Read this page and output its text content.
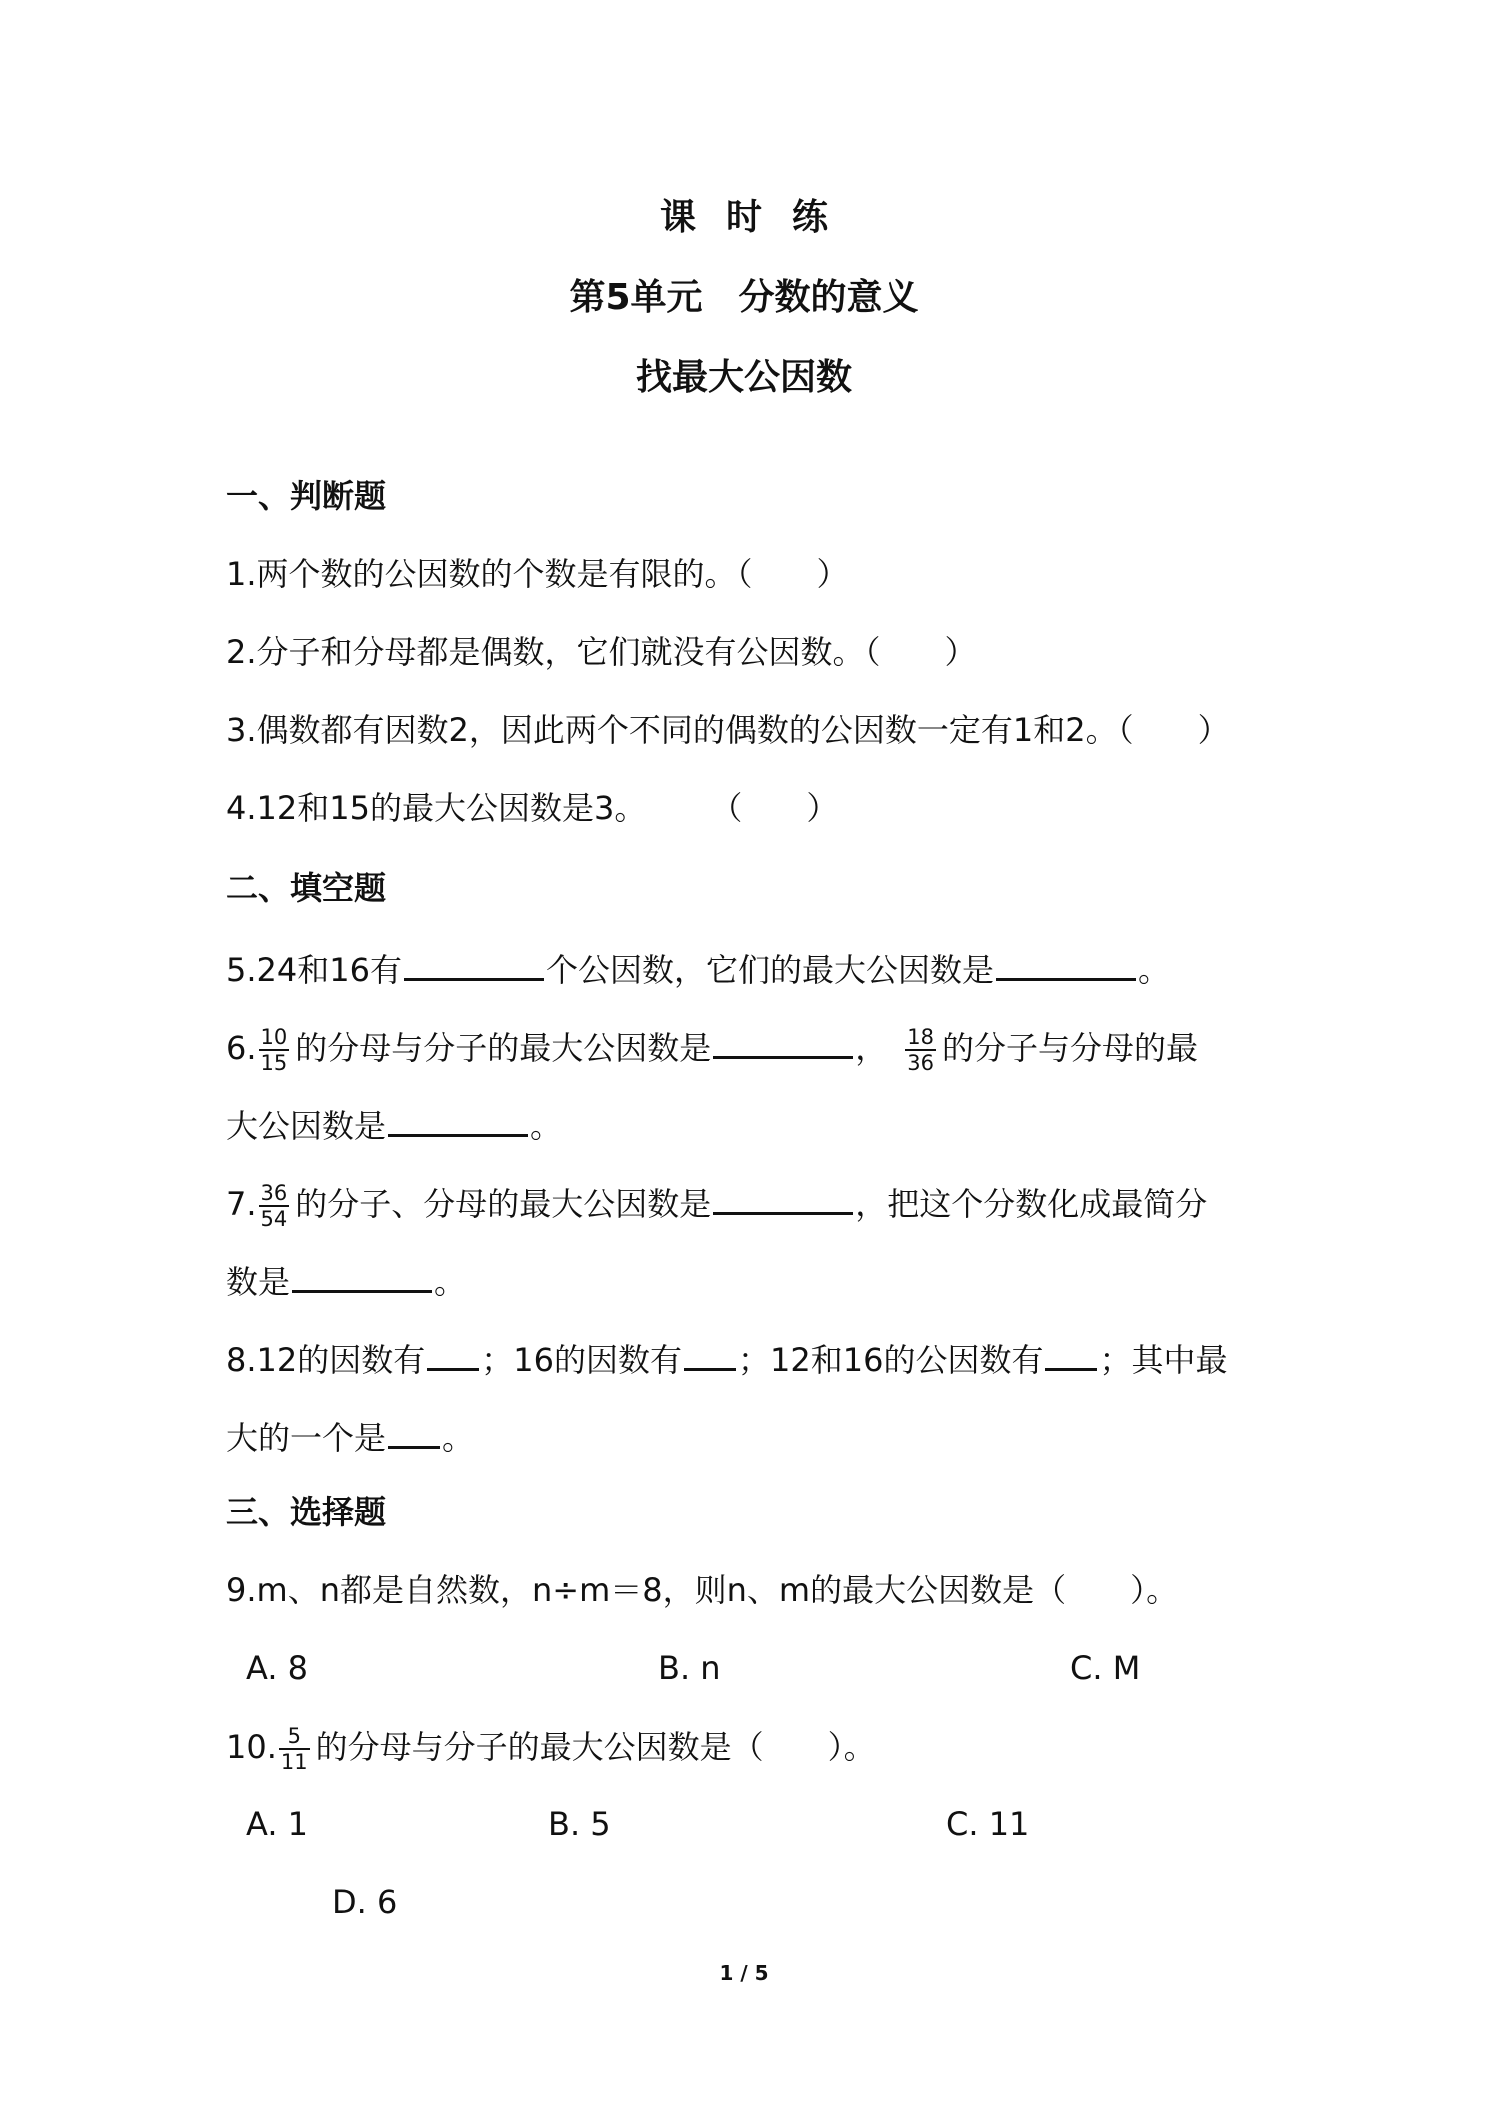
课时练
第5单元　分数的意义
找最大公因数
一、判断题
1.两个数的公因数的个数是有限的。（　　）
2.分子和分母都是偶数，它们就没有公因数。（　　）
3.偶数都有因数2，因此两个不同的偶数的公因数一定有1和2。（　　）
4.12和15的最大公因数是3。　　　（　　）
二、填空题
5.24和16有	个公因数，它们的最大公因数是	。
6. $\frac{10}{15}$ 的分母与分子的最大公因数是	， $\frac{18}{36}$ 的分子与分母的最
大公因数是	。
7. $\frac{36}{54}$ 的分子、分母的最大公因数是	，把这个分数化成最简分
数是	。
8.12的因数有 ；16的因数有 ；12和16的公因数有 ；其中最
大的一个是 。
三、选择题
9.m、n都是自然数，n÷m＝8，则n、m的最大公因数是（　　）。
A. 8	B. n	C. M
10. $\frac{5}{11}$ 的分母与分子的最大公因数是（　　）。
A. 1	B. 5	C. 11
D. 6
1 / 5
